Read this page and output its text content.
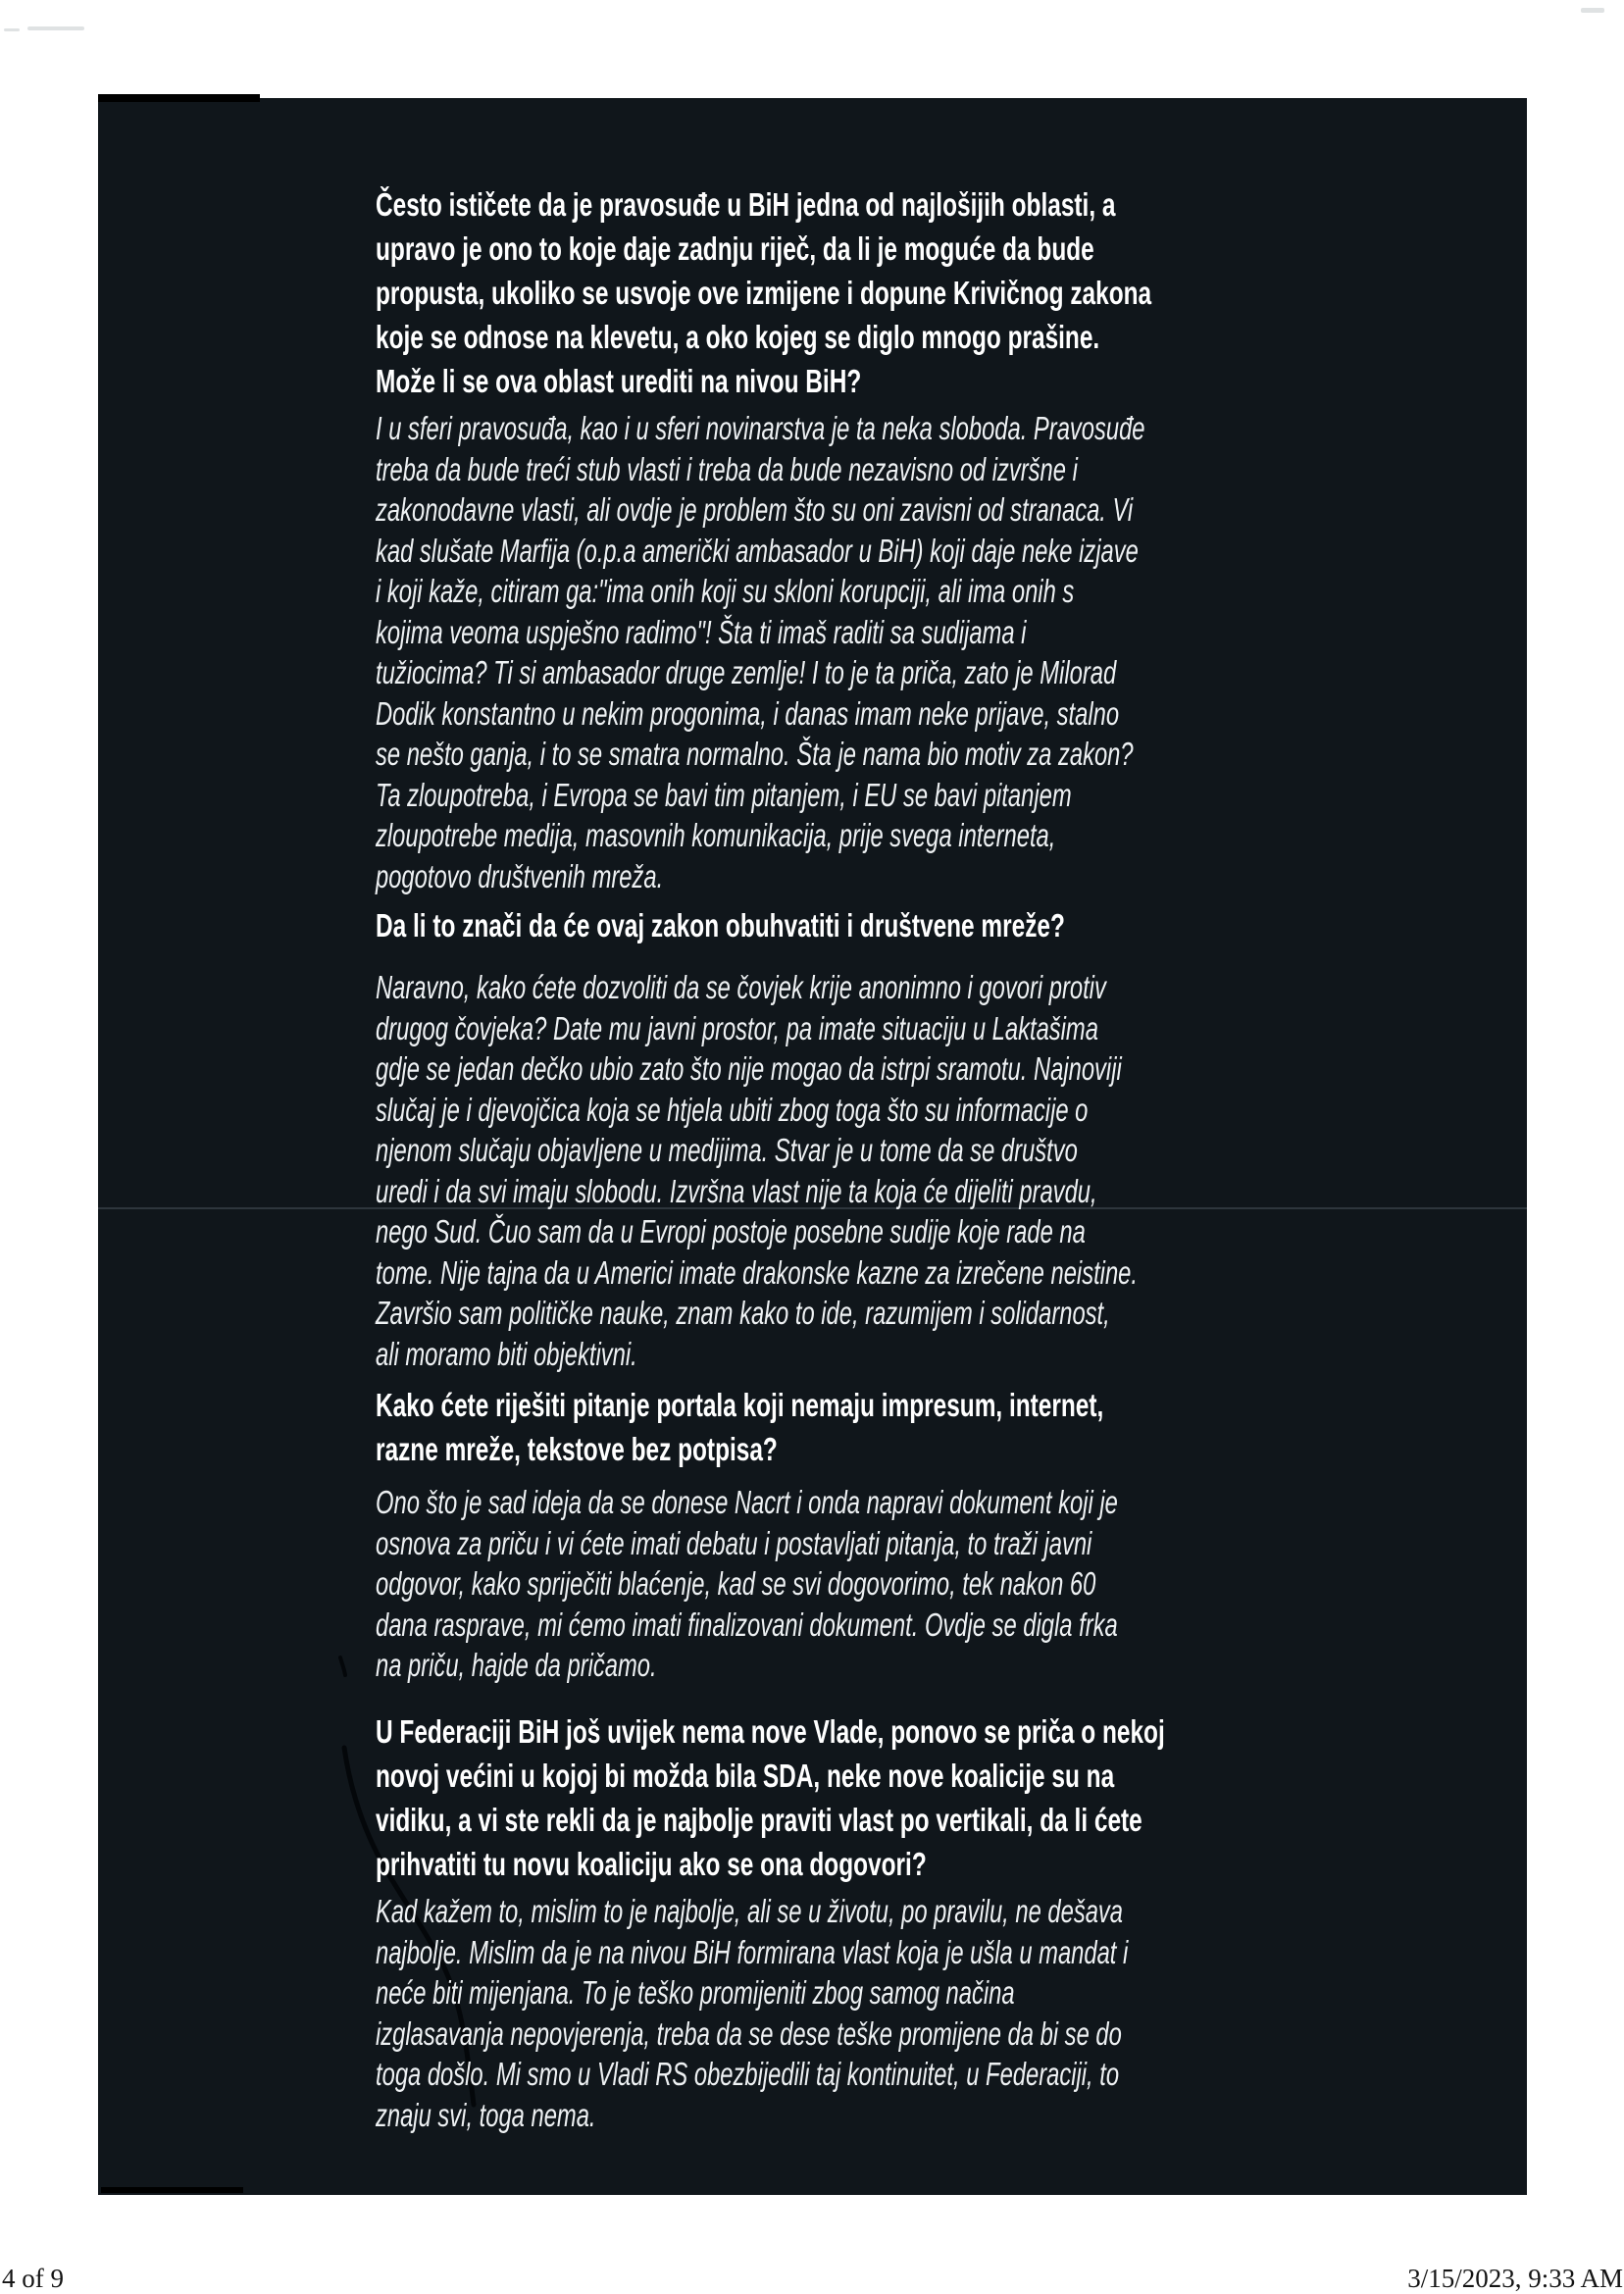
Često ističete da je pravosuđe u BiH jedna od najlošijih oblasti, a
upravo je ono to koje daje zadnju riječ, da li je moguće da bude
propusta, ukoliko se usvoje ove izmijene i dopune Krivičnog zakona
koje se odnose na klevetu, a oko kojeg se diglo mnogo prašine.
Može li se ova oblast urediti na nivou BiH?
I u sferi pravosuđa, kao i u sferi novinarstva je ta neka sloboda. Pravosuđe
treba da bude treći stub vlasti i treba da bude nezavisno od izvršne i
zakonodavne vlasti, ali ovdje je problem što su oni zavisni od stranaca. Vi
kad slušate Marfija (o.p.a američki ambasador u BiH) koji daje neke izjave
i koji kaže, citiram ga:"ima onih koji su skloni korupciji, ali ima onih s
kojima veoma uspješno radimo"! Šta ti imaš raditi sa sudijama i
tužiocima? Ti si ambasador druge zemlje! I to je ta priča, zato je Milorad
Dodik konstantno u nekim progonima, i danas imam neke prijave, stalno
se nešto ganja, i to se smatra normalno. Šta je nama bio motiv za zakon?
Ta zloupotreba, i Evropa se bavi tim pitanjem, i EU se bavi pitanjem
zloupotrebe medija, masovnih komunikacija, prije svega interneta,
pogotovo društvenih mreža.
Da li to znači da će ovaj zakon obuhvatiti i društvene mreže?
Naravno, kako ćete dozvoliti da se čovjek krije anonimno i govori protiv
drugog čovjeka? Date mu javni prostor, pa imate situaciju u Laktašima
gdje se jedan dečko ubio zato što nije mogao da istrpi sramotu. Najnoviji
slučaj je i djevojčica koja se htjela ubiti zbog toga što su informacije o
njenom slučaju objavljene u medijima. Stvar je u tome da se društvo
uredi i da svi imaju slobodu. Izvršna vlast nije ta koja će dijeliti pravdu,
nego Sud. Čuo sam da u Evropi postoje posebne sudije koje rade na
tome. Nije tajna da u Americi imate drakonske kazne za izrečene neistine.
Završio sam političke nauke, znam kako to ide, razumijem i solidarnost,
ali moramo biti objektivni.
Kako ćete riješiti pitanje portala koji nemaju impresum, internet,
razne mreže, tekstove bez potpisa?
Ono što je sad ideja da se donese Nacrt i onda napravi dokument koji je
osnova za priču i vi ćete imati debatu i postavljati pitanja, to traži javni
odgovor, kako spriječiti blaćenje, kad se svi dogovorimo, tek nakon 60
dana rasprave, mi ćemo imati finalizovani dokument. Ovdje se digla frka
na priču, hajde da pričamo.
U Federaciji BiH još uvijek nema nove Vlade, ponovo se priča o nekoj
novoj većini u kojoj bi možda bila SDA, neke nove koalicije su na
vidiku, a vi ste rekli da je najbolje praviti vlast po vertikali, da li ćete
prihvatiti tu novu koaliciju ako se ona dogovori?
Kad kažem to, mislim to je najbolje, ali se u životu, po pravilu, ne dešava
najbolje. Mislim da je na nivou BiH formirana vlast koja je ušla u mandat i
neće biti mijenjana. To je teško promijeniti zbog samog načina
izglasavanja nepovjerenja, treba da se dese teške promijene da bi se do
toga došlo. Mi smo u Vladi RS obezbijedili taj kontinuitet, u Federaciji, to
znaju svi, toga nema.
4 of 9	3/15/2023, 9:33 AM
